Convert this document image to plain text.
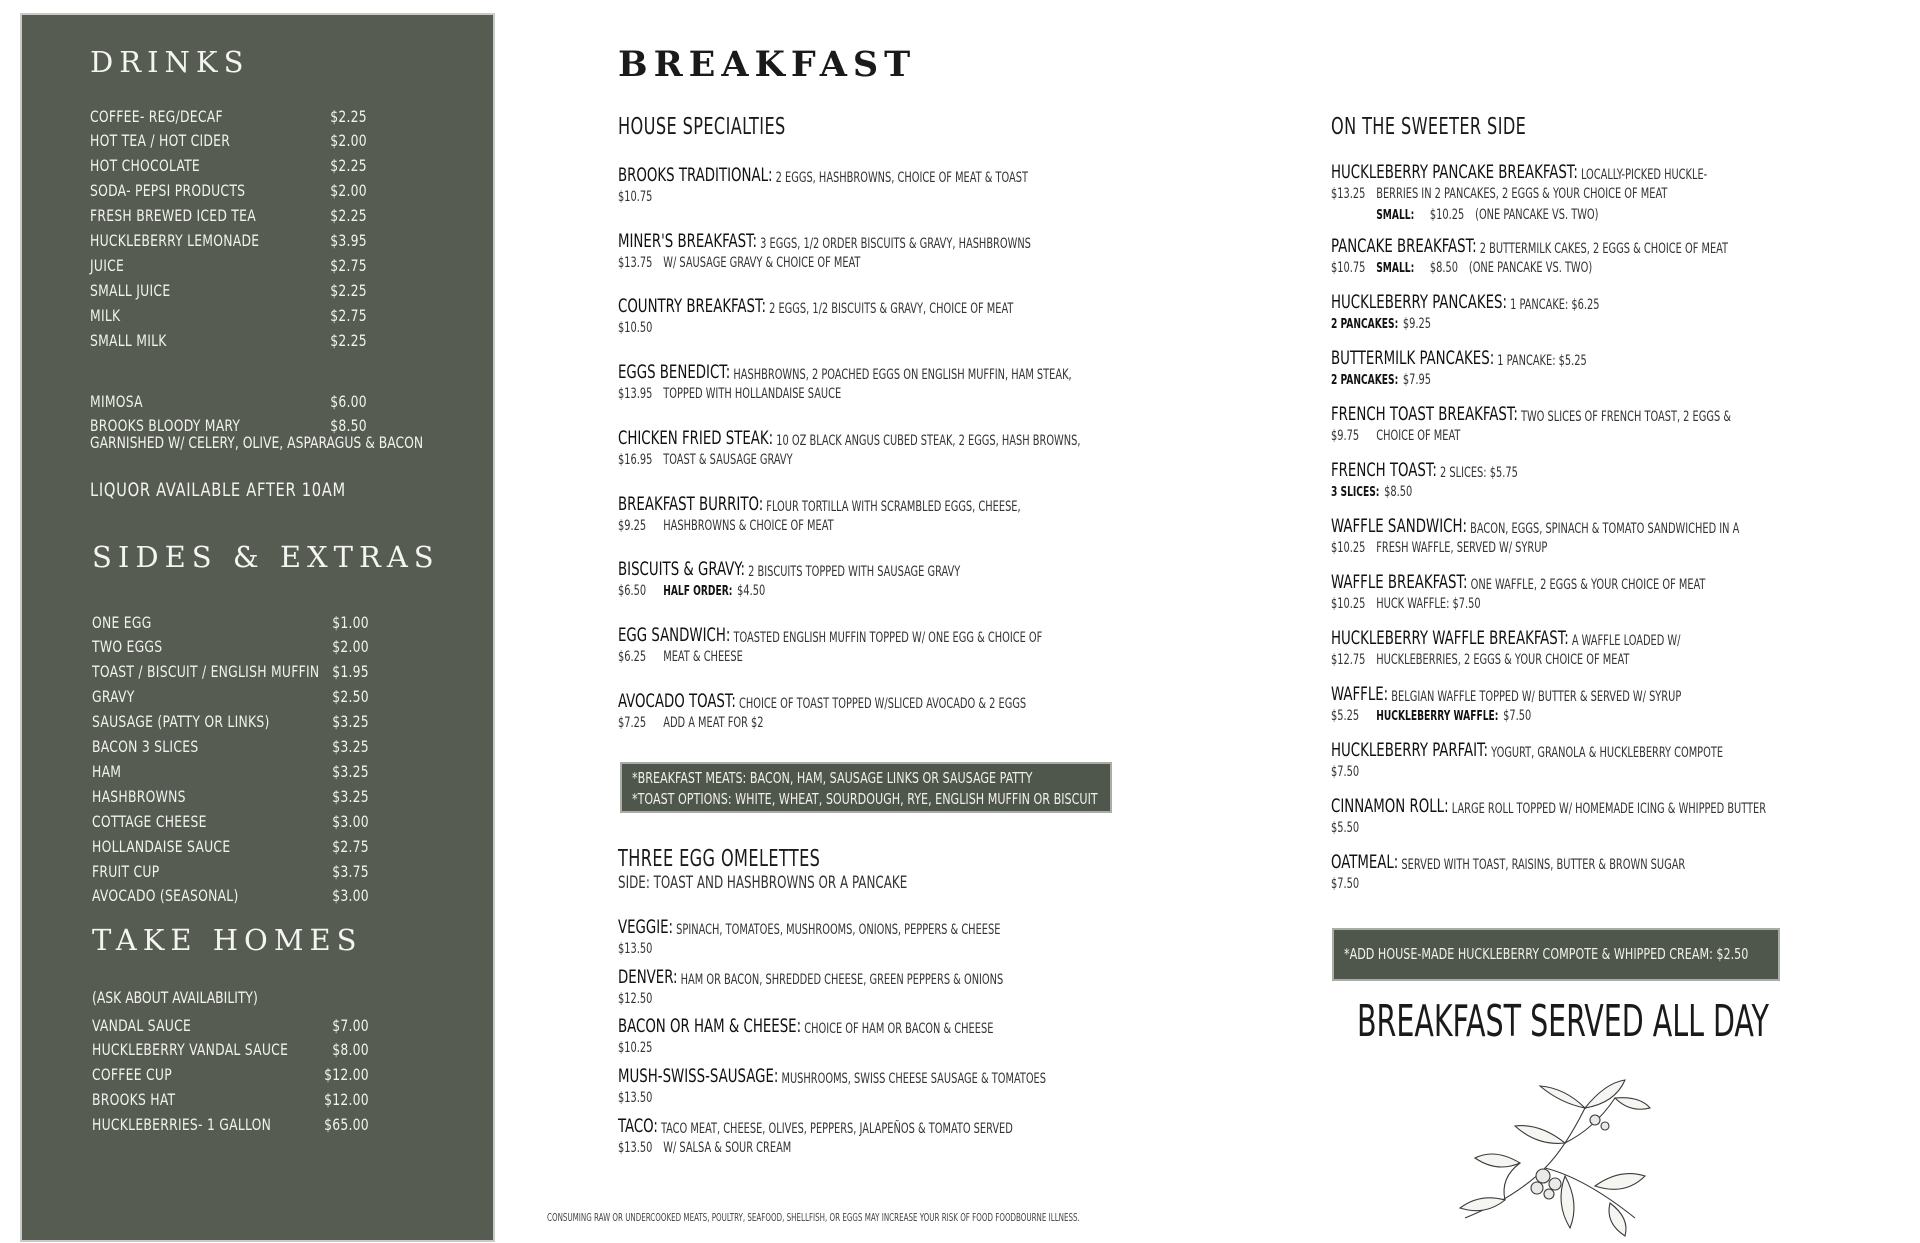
DRINKS
COFFEE- REG/DECAF	$2.25
HOT TEA / HOT CIDER	$2.00
HOT CHOCOLATE	$2.25
SODA- PEPSI PRODUCTS	$2.00
FRESH BREWED ICED TEA	$2.25
HUCKLEBERRY LEMONADE	$3.95
JUICE	$2.75
SMALL JUICE	$2.25
MILK	$2.75
SMALL MILK	$2.25
MIMOSA	$6.00
BROOKS BLOODY MARY	$8.50
GARNISHED W/ CELERY, OLIVE, ASPARAGUS & BACON
LIQUOR AVAILABLE AFTER 10AM
SIDES & EXTRAS
ONE EGG	$1.00
TWO EGGS	$2.00
TOAST / BISCUIT / ENGLISH MUFFIN $1.95
GRAVY	$2.50
SAUSAGE (PATTY OR LINKS)	$3.25
BACON 3 SLICES	$3.25
HAM	$3.25
HASHBROWNS	$3.25
COTTAGE CHEESE	$3.00
HOLLANDAISE SAUCE	$2.75
FRUIT CUP	$3.75
AVOCADO (SEASONAL)	$3.00
TAKE HOMES
(ASK ABOUT AVAILABILITY)
VANDAL SAUCE	$7.00
HUCKLEBERRY VANDAL SAUCE	$8.00
COFFEE CUP	$12.00
BROOKS HAT	$12.00
HUCKLEBERRIES- 1 GALLON	$65.00
BREAKFAST
HOUSE SPECIALTIES
BROOKS TRADITIONAL: 2 EGGS, HASHBROWNS, CHOICE OF MEAT & TOAST
$10.75
MINER'S BREAKFAST: 3 EGGS, 1/2 ORDER BISCUITS & GRAVY, HASHBROWNS
$13.75 W/ SAUSAGE GRAVY & CHOICE OF MEAT
COUNTRY BREAKFAST: 2 EGGS, 1/2 BISCUITS & GRAVY, CHOICE OF MEAT
$10.50
EGGS BENEDICT: HASHBROWNS, 2 POACHED EGGS ON ENGLISH MUFFIN, HAM STEAK,
$13.95 TOPPED WITH HOLLANDAISE SAUCE
CHICKEN FRIED STEAK: 10 OZ BLACK ANGUS CUBED STEAK, 2 EGGS, HASH BROWNS,
$16.95 TOAST & SAUSAGE GRAVY
BREAKFAST BURRITO: FLOUR TORTILLA WITH SCRAMBLED EGGS, CHEESE,
$9.25	HASHBROWNS & CHOICE OF MEAT
BISCUITS & GRAVY: 2 BISCUITS TOPPED WITH SAUSAGE GRAVY
$6.50	HALF ORDER: $4.50
EGG SANDWICH: TOASTED ENGLISH MUFFIN TOPPED W/ ONE EGG & CHOICE OF
$6.25	MEAT & CHEESE
AVOCADO TOAST: CHOICE OF TOAST TOPPED W/SLICED AVOCADO & 2 EGGS
$7.25	ADD A MEAT FOR $2
*BREAKFAST MEATS: BACON, HAM, SAUSAGE LINKS OR SAUSAGE PATTY
*TOAST OPTIONS: WHITE, WHEAT, SOURDOUGH, RYE, ENGLISH MUFFIN OR BISCUIT
THREE EGG OMELETTES
SIDE: TOAST AND HASHBROWNS OR A PANCAKE
VEGGIE: SPINACH, TOMATOES, MUSHROOMS, ONIONS, PEPPERS & CHEESE
$13.50
DENVER: HAM OR BACON, SHREDDED CHEESE, GREEN PEPPERS & ONIONS
$12.50
BACON OR HAM & CHEESE: CHOICE OF HAM OR BACON & CHEESE
$10.25
MUSH-SWISS-SAUSAGE: MUSHROOMS, SWISS CHEESE SAUSAGE & TOMATOES
$13.50
TACO: TACO MEAT, CHEESE, OLIVES, PEPPERS, JALAPEÑOS & TOMATO SERVED
$13.50 W/ SALSA & SOUR CREAM
CONSUMING RAW OR UNDERCOOKED MEATS, POULTRY, SEAFOOD, SHELLFISH, OR EGGS MAY INCREASE YOUR RISK OF FOOD FOODBOURNE ILLNESS.
ON THE SWEETER SIDE
HUCKLEBERRY PANCAKE BREAKFAST: LOCALLY-PICKED HUCKLE-
$13.25 BERRIES IN 2 PANCAKES, 2 EGGS & YOUR CHOICE OF MEAT
SMALL: $10.25 (ONE PANCAKE VS. TWO)
PANCAKE BREAKFAST: 2 BUTTERMILK CAKES, 2 EGGS & CHOICE OF MEAT
$10.75 SMALL: $8.50 (ONE PANCAKE VS. TWO)
HUCKLEBERRY PANCAKES: 1 PANCAKE: $6.25
2 PANCAKES: $9.25
BUTTERMILK PANCAKES: 1 PANCAKE: $5.25
2 PANCAKES: $7.95
FRENCH TOAST BREAKFAST: TWO SLICES OF FRENCH TOAST, 2 EGGS &
$9.75	CHOICE OF MEAT
FRENCH TOAST: 2 SLICES: $5.75
3 SLICES: $8.50
WAFFLE SANDWICH: BACON, EGGS, SPINACH & TOMATO SANDWICHED IN A
$10.25 FRESH WAFFLE, SERVED W/ SYRUP
WAFFLE BREAKFAST: ONE WAFFLE, 2 EGGS & YOUR CHOICE OF MEAT
$10.25 HUCK WAFFLE: $7.50
HUCKLEBERRY WAFFLE BREAKFAST: A WAFFLE LOADED W/
$12.75 HUCKLEBERRIES, 2 EGGS & YOUR CHOICE OF MEAT
WAFFLE: BELGIAN WAFFLE TOPPED W/ BUTTER & SERVED W/ SYRUP
$5.25	HUCKLEBERRY WAFFLE: $7.50
HUCKLEBERRY PARFAIT: YOGURT, GRANOLA & HUCKLEBERRY COMPOTE
$7.50
CINNAMON ROLL: LARGE ROLL TOPPED W/ HOMEMADE ICING & WHIPPED BUTTER
$5.50
OATMEAL: SERVED WITH TOAST, RAISINS, BUTTER & BROWN SUGAR
$7.50
*ADD HOUSE-MADE HUCKLEBERRY COMPOTE & WHIPPED CREAM: $2.50
BREAKFAST SERVED ALL DAY
